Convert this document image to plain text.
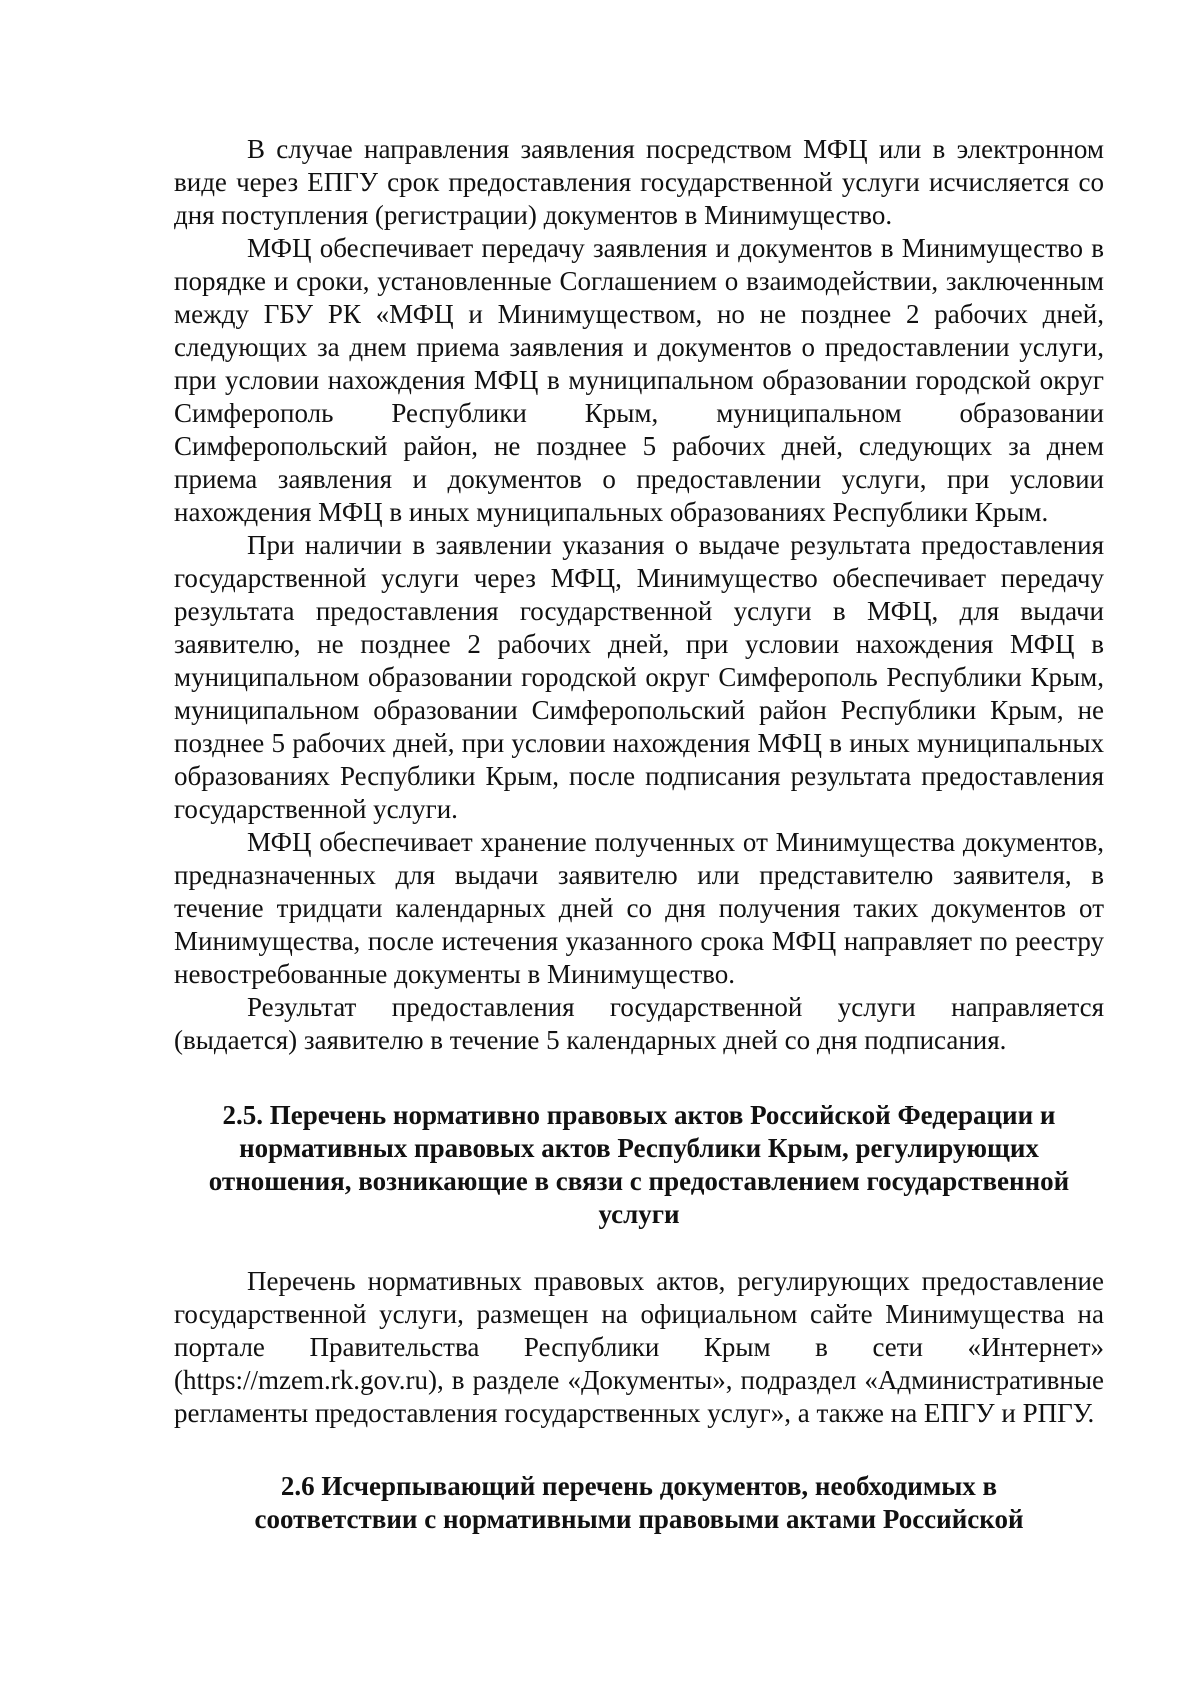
В случае направления заявления посредством МФЦ или в электронном виде через ЕПГУ срок предоставления государственной услуги исчисляется со дня поступления (регистрации) документов в Минимущество.

МФЦ обеспечивает передачу заявления и документов в Минимущество в порядке и сроки, установленные Соглашением о взаимодействии, заключенным между ГБУ РК «МФЦ и Минимуществом, но не позднее 2 рабочих дней, следующих за днем приема заявления и документов о предоставлении услуги, при условии нахождения МФЦ в муниципальном образовании городской округ Симферополь Республики Крым, муниципальном образовании Симферопольский район, не позднее 5 рабочих дней, следующих за днем приема заявления и документов о предоставлении услуги, при условии нахождения МФЦ в иных муниципальных образованиях Республики Крым.

При наличии в заявлении указания о выдаче результата предоставления государственной услуги через МФЦ, Минимущество обеспечивает передачу результата предоставления государственной услуги в МФЦ, для выдачи заявителю, не позднее 2 рабочих дней, при условии нахождения МФЦ в муниципальном образовании городской округ Симферополь Республики Крым, муниципальном образовании Симферопольский район Республики Крым, не позднее 5 рабочих дней, при условии нахождения МФЦ в иных муниципальных образованиях Республики Крым, после подписания результата предоставления государственной услуги.

МФЦ обеспечивает хранение полученных от Минимущества документов, предназначенных для выдачи заявителю или представителю заявителя, в течение тридцати календарных дней со дня получения таких документов от Минимущества, после истечения указанного срока МФЦ направляет по реестру невостребованные документы в Минимущество.

Результат предоставления государственной услуги направляется (выдается) заявителю в течение 5 календарных дней со дня подписания.

2.5. Перечень нормативно правовых актов Российской Федерации и

нормативных правовых актов Республики Крым, регулирующих

отношения, возникающие в связи с предоставлением государственной

услуги

Перечень нормативных правовых актов, регулирующих предоставление государственной услуги, размещен на официальном сайте Минимущества на портале Правительства Республики Крым в сети «Интернет» (https://mzem.rk.gov.ru), в разделе «Документы», подраздел «Административные регламенты предоставления государственных услуг», а также на ЕПГУ и РПГУ.

2.6 Исчерпывающий перечень документов, необходимых в

соответствии с нормативными правовыми актами Российской
